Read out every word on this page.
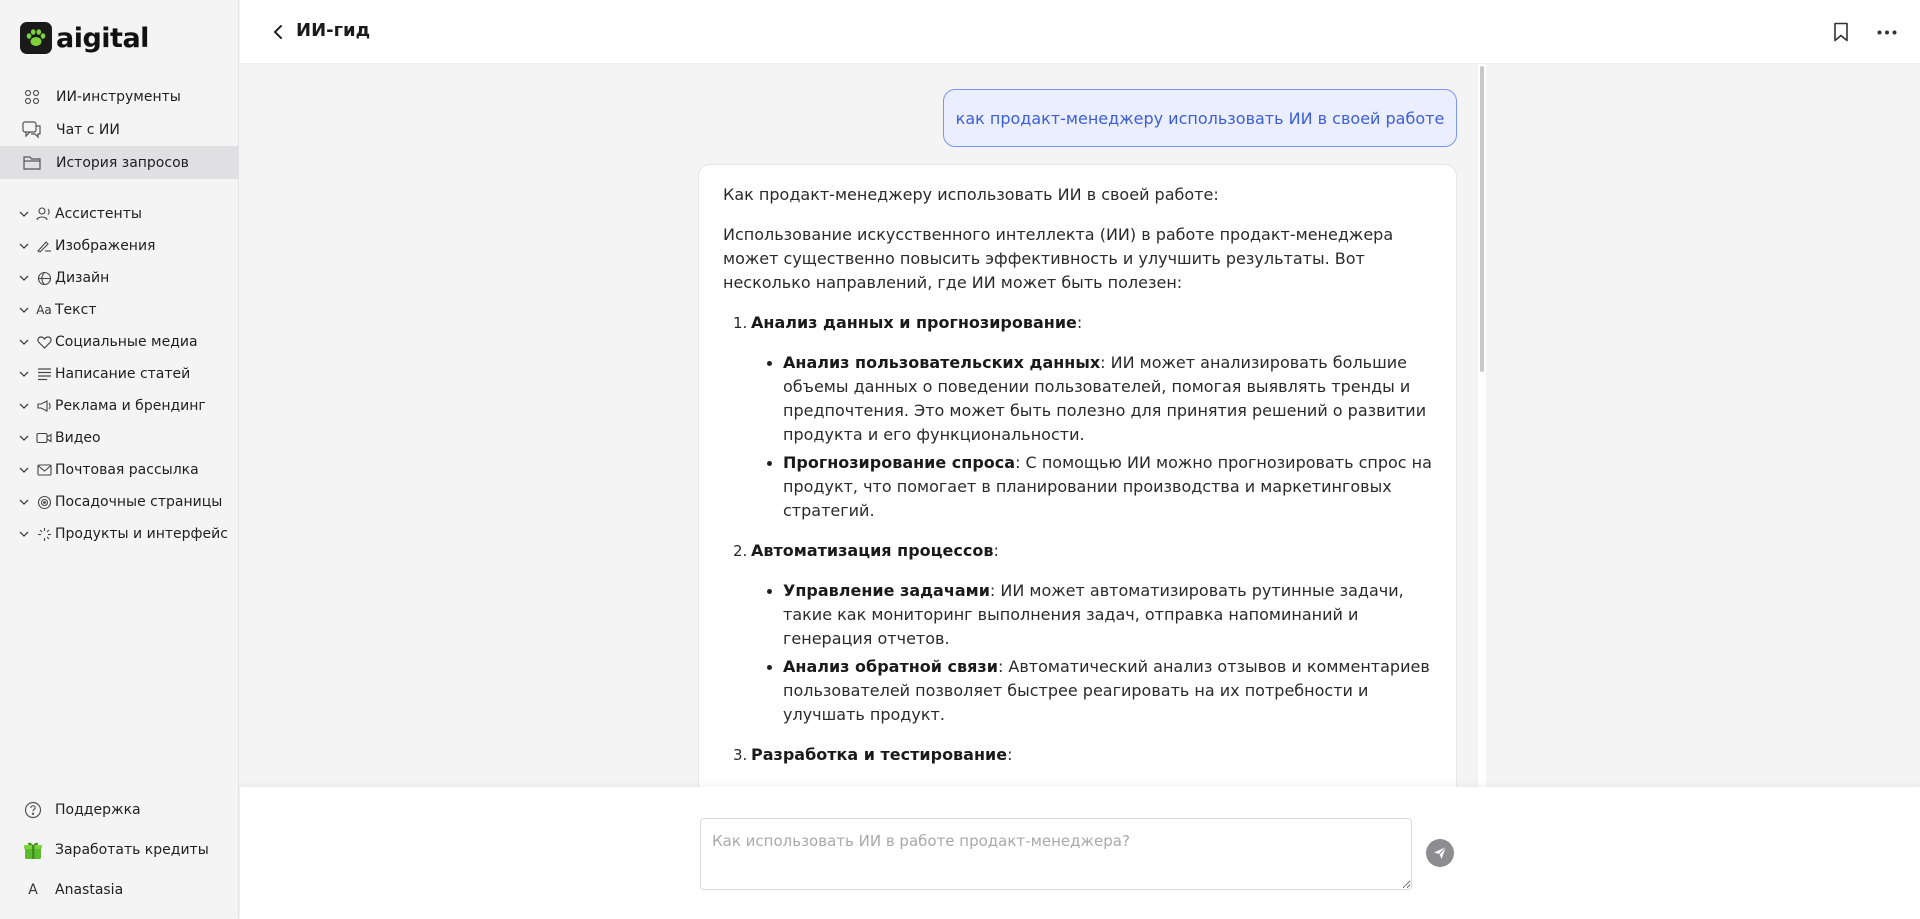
aigital
ИИ-инструменты
Чат с ИИ
История запросов
Ассистенты
Изображения
Дизайн
Aa Текст
Социальные медиа
Написание статей
Реклама и брендинг
Видео
Почтовая рассылка
Посадочные страницы
Продукты и интерфейс
Поддержка
Заработать кредиты
A	Anastasia
ИИ-гид
как продакт-менеджеру использовать ИИ в своей работе

Как продакт-менеджеру использовать ИИ в своей работе:

Использование искусственного интеллекта (ИИ) в работе продакт-менеджера может существенно повысить эффективность и улучшить результаты. Вот несколько направлений, где ИИ может быть полезен:

1. Анализ данных и прогнозирование:
Анализ пользовательских данных: ИИ может анализировать большие объемы данных о поведении пользователей, помогая выявлять тренды и предпочтения. Это может быть полезно для принятия решений о развитии продукта и его функциональности.
Прогнозирование спроса: С помощью ИИ можно прогнозировать спрос на продукт, что помогает в планировании производства и маркетинговых стратегий.
2. Автоматизация процессов:
Управление задачами: ИИ может автоматизировать рутинные задачи, такие как мониторинг выполнения задач, отправка напоминаний и генерация отчетов.
Анализ обратной связи: Автоматический анализ отзывов и комментариев пользователей позволяет быстрее реагировать на их потребности и улучшать продукт.
3. Разработка и тестирование:
Как использовать ИИ в работе продакт-менеджера?
